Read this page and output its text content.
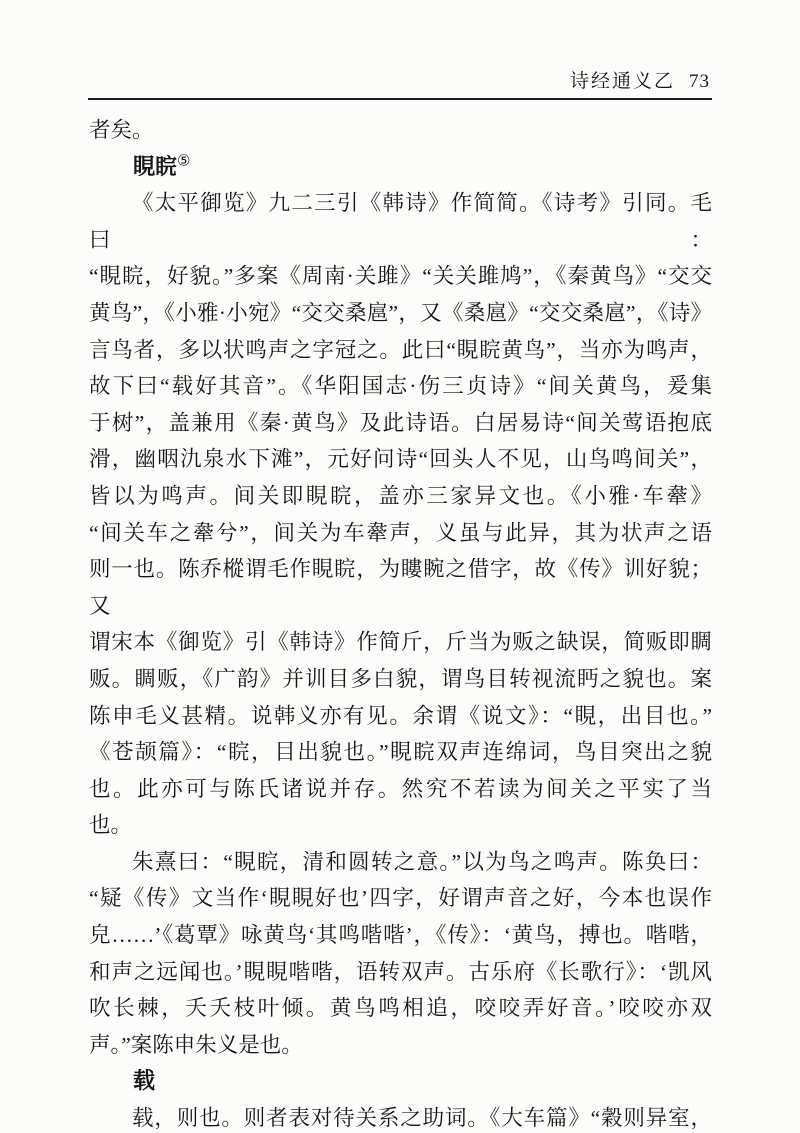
诗经通义乙 73
者矣。
睍睆⑤
《太平御览》九二三引《韩诗》作简简。《诗考》引同。毛曰：
“睍睆，好貌。”多案《周南·关雎》“关关雎鸠”，《秦黄鸟》“交交
黄鸟”，《小雅·小宛》“交交桑扈”，又《桑扈》“交交桑扈”，《诗》
言鸟者，多以状鸣声之字冠之。此曰“睍睆黄鸟”，当亦为鸣声，
故下曰“载好其音”。《华阳国志·伤三贞诗》“间关黄鸟，爰集
于树”，盖兼用《秦·黄鸟》及此诗语。白居易诗“间关莺语抱底
滑，幽咽氿泉水下滩”，元好问诗“回头人不见，山鸟鸣间关”，
皆以为鸣声。间关即睍睆，盖亦三家异文也。《小雅·车舝》
“间关车之舝兮”，间关为车舝声，义虽与此异，其为状声之语
则一也。陈乔樅谓毛作睍睆，为瞜睕之借字，故《传》训好貌；又
谓宋本《御览》引《韩诗》作简斤，斤当为贩之缺误，简贩即睭
贩。睭贩，《广韵》并训目多白貌，谓鸟目转视流眄之貌也。案
陈申毛义甚精。说韩义亦有见。余谓《说文》：“睍，出目也。”
《苍颉篇》：“睆，目出貌也。”睍睆双声连绵词，鸟目突出之貌
也。此亦可与陈氏诸说并存。然究不若读为间关之平实了当
也。
朱熹曰：“睍睆，清和圆转之意。”以为鸟之鸣声。陈奂曰：
“疑《传》文当作‘睍睍好也’四字，好谓声音之好，今本也误作
皃……’《葛覃》咏黄鸟‘其鸣喈喈’，《传》：‘黄鸟，搏也。喈喈，
和声之远闻也。’睍睍喈喈，语转双声。古乐府《长歌行》：‘凯风
吹长棘，夭夭枝叶倾。黄鸟鸣相追，咬咬弄好音。’咬咬亦双
声。”案陈申朱义是也。
载
载，则也。则者表对待关系之助词。《大车篇》“穀则异室，
